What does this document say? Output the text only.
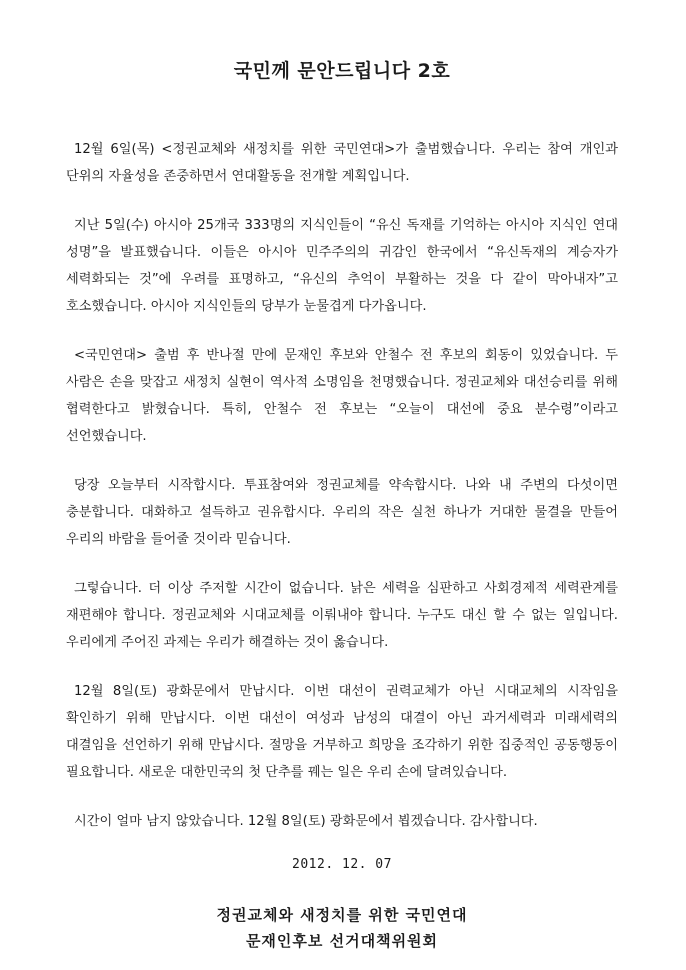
국민께 문안드립니다 2호

12월 6일(목) <정권교체와 새정치를 위한 국민연대>가 출범했습니다. 우리는 참여 개인과 단위의 자율성을 존중하면서 연대활동을 전개할 계획입니다.

지난 5일(수) 아시아 25개국 333명의 지식인들이 “유신 독재를 기억하는 아시아 지식인 연대 성명”을 발표했습니다. 이들은 아시아 민주주의의 귀감인 한국에서 “유신독재의 계승자가 세력화되는 것”에 우려를 표명하고, “유신의 추억이 부활하는 것을 다 같이 막아내자”고 호소했습니다. 아시아 지식인들의 당부가 눈물겹게 다가옵니다.

<국민연대> 출범 후 반나절 만에 문재인 후보와 안철수 전 후보의 회동이 있었습니다. 두 사람은 손을 맞잡고 새정치 실현이 역사적 소명임을 천명했습니다. 정권교체와 대선승리를 위해 협력한다고 밝혔습니다. 특히, 안철수 전 후보는 “오늘이 대선에 중요 분수령”이라고 선언했습니다.

당장 오늘부터 시작합시다. 투표참여와 정권교체를 약속합시다. 나와 내 주변의 다섯이면 충분합니다. 대화하고 설득하고 권유합시다. 우리의 작은 실천 하나가 거대한 물결을 만들어 우리의 바람을 들어줄 것이라 믿습니다.

그렇습니다. 더 이상 주저할 시간이 없습니다. 낡은 세력을 심판하고 사회경제적 세력관계를 재편해야 합니다. 정권교체와 시대교체를 이뤄내야 합니다. 누구도 대신 할 수 없는 일입니다. 우리에게 주어진 과제는 우리가 해결하는 것이 옳습니다.

12월 8일(토) 광화문에서 만납시다. 이번 대선이 권력교체가 아닌 시대교체의 시작임을 확인하기 위해 만납시다. 이번 대선이 여성과 남성의 대결이 아닌 과거세력과 미래세력의 대결임을 선언하기 위해 만납시다. 절망을 거부하고 희망을 조각하기 위한 집중적인 공동행동이 필요합니다. 새로운 대한민국의 첫 단추를 꿰는 일은 우리 손에 달려있습니다.

시간이 얼마 남지 않았습니다. 12월 8일(토) 광화문에서 뵙겠습니다. 감사합니다.

2012. 12. 07
정권교체와 새정치를 위한 국민연대
문재인후보 선거대책위원회
